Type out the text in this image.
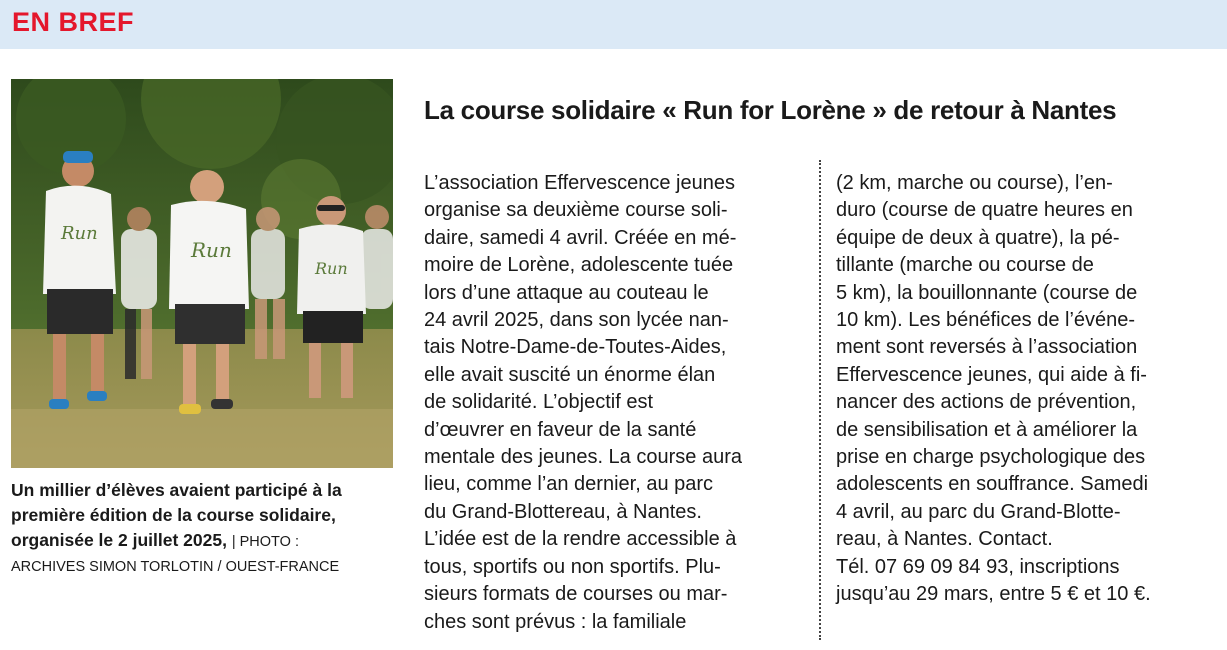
EN BREF
Run
Run
Run
Un millier d’élèves avaient participé à la
première édition de la course solidaire,
organisée le 2 juillet 2025, | PHOTO :
ARCHIVES SIMON TORLOTIN / OUEST-FRANCE
La course solidaire « Run for Lorène » de retour à Nantes
L’association Effervescence jeunes
organise sa deuxième course soli-
daire, samedi 4 avril. Créée en mé-
moire de Lorène, adolescente tuée
lors d’une attaque au couteau le
24 avril 2025, dans son lycée nan-
tais Notre-Dame-de-Toutes-Aides,
elle avait suscité un énorme élan
de solidarité. L’objectif est
d’œuvrer en faveur de la santé
mentale des jeunes. La course aura
lieu, comme l’an dernier, au parc
du Grand-Blottereau, à Nantes.
L’idée est de la rendre accessible à
tous, sportifs ou non sportifs. Plu-
sieurs formats de courses ou mar-
ches sont prévus : la familiale
(2 km, marche ou course), l’en-
duro (course de quatre heures en
équipe de deux à quatre), la pé-
tillante (marche ou course de
5 km), la bouillonnante (course de
10 km). Les bénéfices de l’événe-
ment sont reversés à l’association
Effervescence jeunes, qui aide à fi-
nancer des actions de prévention,
de sensibilisation et à améliorer la
prise en charge psychologique des
adolescents en souffrance. Samedi
4 avril, au parc du Grand-Blotte-
reau, à Nantes. Contact.
Tél. 07 69 09 84 93, inscriptions
jusqu’au 29 mars, entre 5 € et 10 €.
